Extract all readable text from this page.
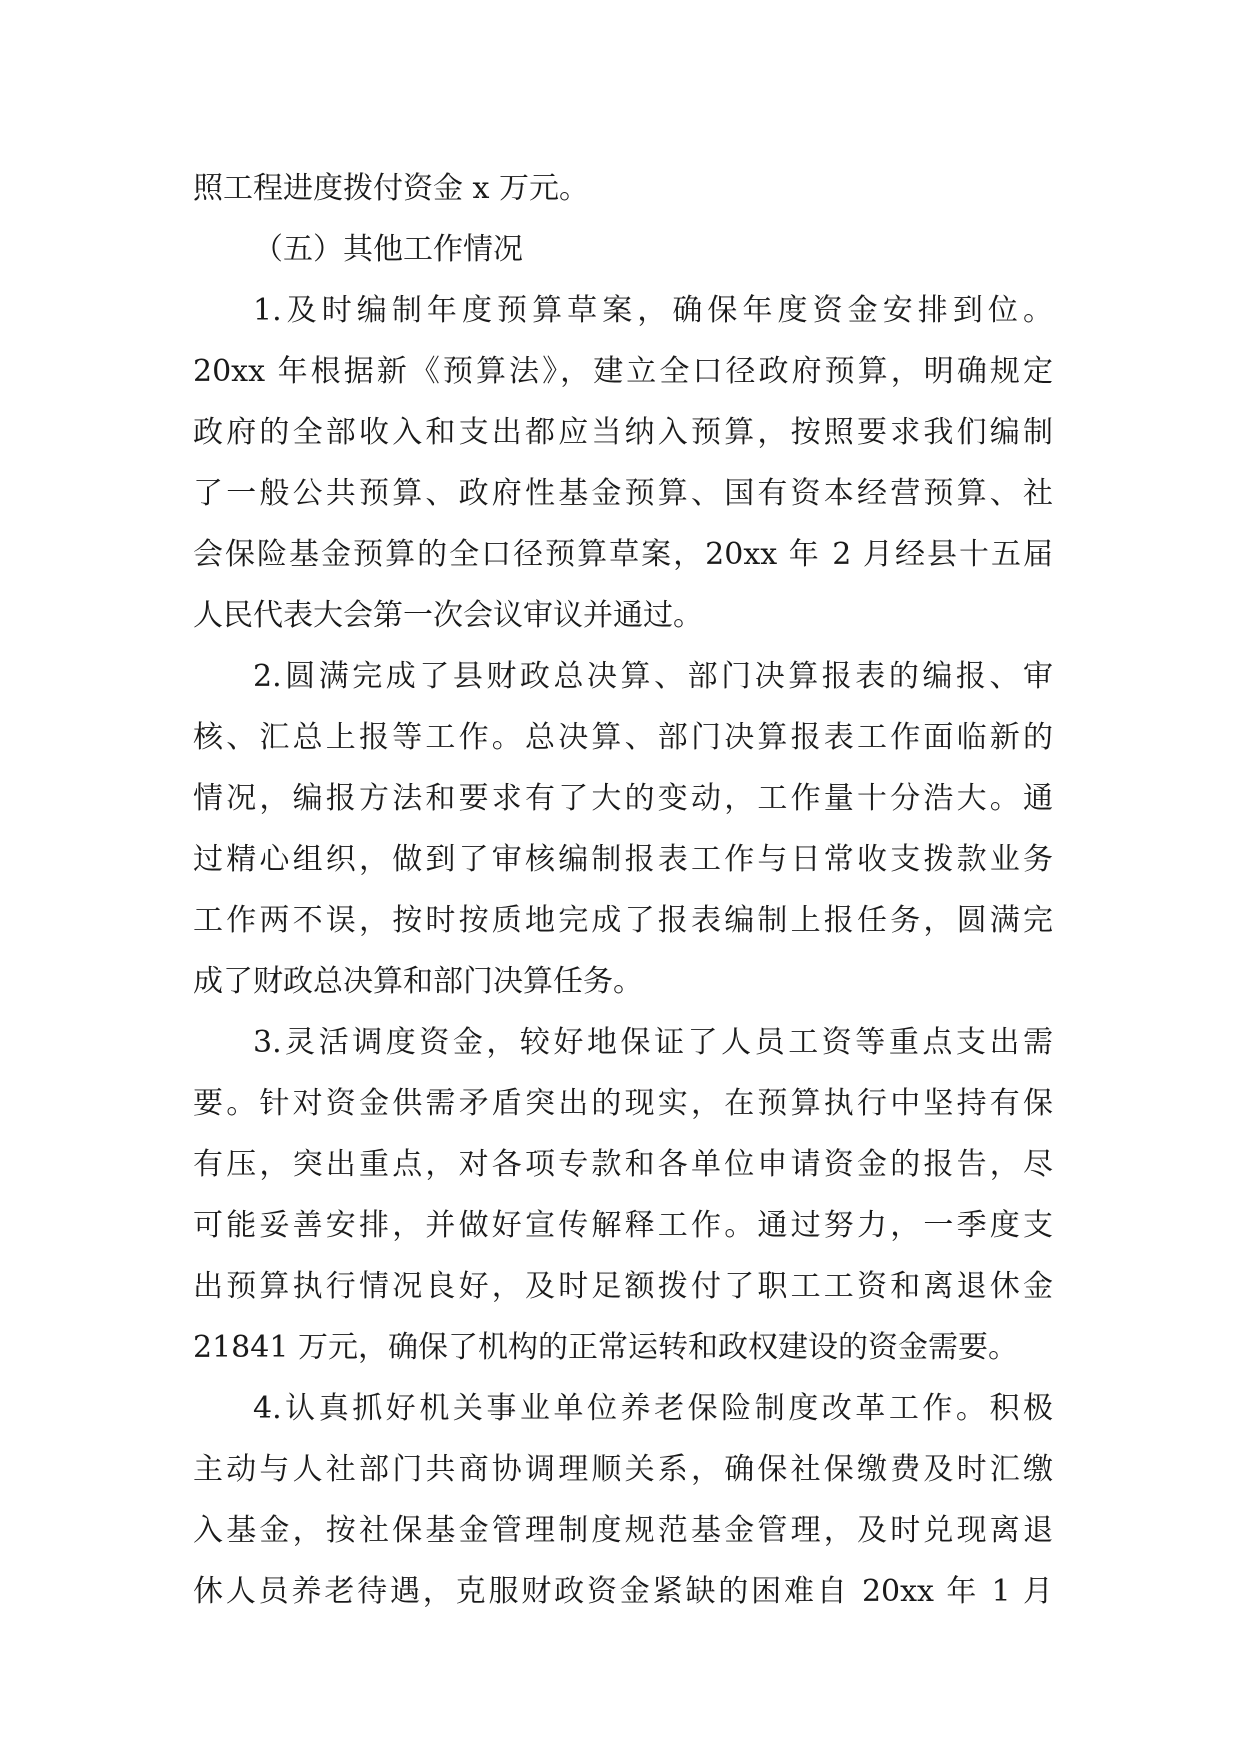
照工程进度拨付资金 x 万元。
（五）其他工作情况
1.及时编制年度预算草案，确保年度资金安排到位。
20xx 年根据新《预算法》，建立全口径政府预算，明确规定
政府的全部收入和支出都应当纳入预算，按照要求我们编制
了一般公共预算、政府性基金预算、国有资本经营预算、社
会保险基金预算的全口径预算草案，20xx 年 2 月经县十五届
人民代表大会第一次会议审议并通过。
2.圆满完成了县财政总决算、部门决算报表的编报、审
核、汇总上报等工作。总决算、部门决算报表工作面临新的
情况，编报方法和要求有了大的变动，工作量十分浩大。通
过精心组织，做到了审核编制报表工作与日常收支拨款业务
工作两不误，按时按质地完成了报表编制上报任务，圆满完
成了财政总决算和部门决算任务。
3.灵活调度资金，较好地保证了人员工资等重点支出需
要。针对资金供需矛盾突出的现实，在预算执行中坚持有保
有压，突出重点，对各项专款和各单位申请资金的报告，尽
可能妥善安排，并做好宣传解释工作。通过努力，一季度支
出预算执行情况良好，及时足额拨付了职工工资和离退休金
21841 万元，确保了机构的正常运转和政权建设的资金需要。
4.认真抓好机关事业单位养老保险制度改革工作。积极
主动与人社部门共商协调理顺关系，确保社保缴费及时汇缴
入基金，按社保基金管理制度规范基金管理，及时兑现离退
休人员养老待遇，克服财政资金紧缺的困难自 20xx 年 1 月
